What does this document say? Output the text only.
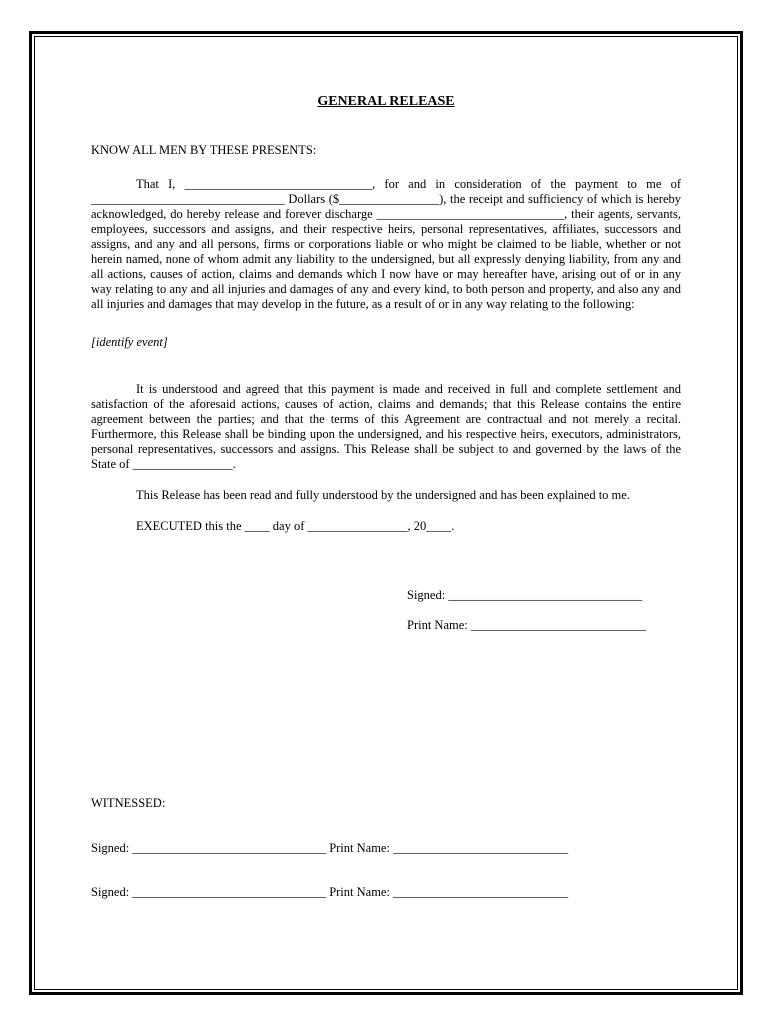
GENERAL RELEASE
KNOW ALL MEN BY THESE PRESENTS:

That I, ______________________________, for and in consideration of the payment to me of _______________________________ Dollars ($________________), the receipt and sufficiency of which is hereby acknowledged, do hereby release and forever discharge ______________________________, their agents, servants, employees, successors and assigns, and their respective heirs, personal representatives, affiliates, successors and assigns, and any and all persons, firms or corporations liable or who might be claimed to be liable, whether or not herein named, none of whom admit any liability to the undersigned, but all expressly denying liability, from any and all actions, causes of action, claims and demands which I now have or may hereafter have, arising out of or in any way relating to any and all injuries and damages of any and every kind, to both person and property, and also any and all injuries and damages that may develop in the future, as a result of or in any way relating to the following:

[identify event]

It is understood and agreed that this payment is made and received in full and complete settlement and satisfaction of the aforesaid actions, causes of action, claims and demands; that this Release contains the entire agreement between the parties; and that the terms of this Agreement are contractual and not merely a recital. Furthermore, this Release shall be binding upon the undersigned, and his respective heirs, executors, administrators, personal representatives, successors and assigns. This Release shall be subject to and governed by the laws of the State of ________________.

This Release has been read and fully understood by the undersigned and has been explained to me.
EXECUTED this the ____ day of ________________, 20____.
Signed: _______________________________
Print Name: ____________________________
WITNESSED:
Signed: _______________________________ Print Name: ____________________________
Signed: _______________________________ Print Name: ____________________________
